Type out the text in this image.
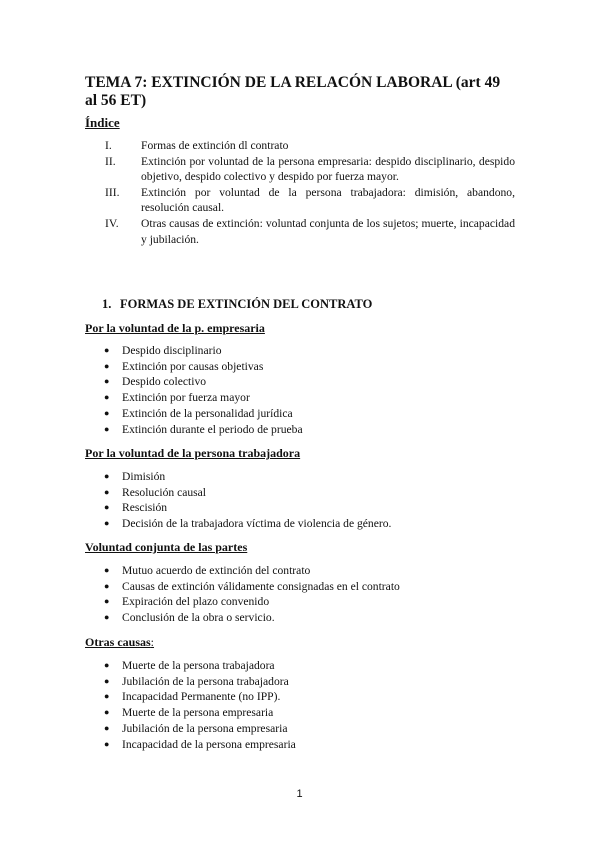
TEMA 7: EXTINCIÓN DE LA RELACÓN LABORAL (art 49 al 56 ET)
Índice
I.	Formas de extinción dl contrato
II.	Extinción por voluntad de la persona empresaria: despido disciplinario, despido objetivo, despido colectivo y despido por fuerza mayor.
III.	Extinción por voluntad de la persona trabajadora: dimisión, abandono, resolución causal.
IV.	Otras causas de extinción: voluntad conjunta de los sujetos; muerte, incapacidad y jubilación.
1. FORMAS DE EXTINCIÓN DEL CONTRATO
Por la voluntad de la p. empresaria
●	Despido disciplinario
●	Extinción por causas objetivas
●	Despido colectivo
●	Extinción por fuerza mayor
●	Extinción de la personalidad jurídica
●	Extinción durante el periodo de prueba
Por la voluntad de la persona trabajadora
●	Dimisión
●	Resolución causal
●	Rescisión
●	Decisión de la trabajadora víctima de violencia de género.
Voluntad conjunta de las partes
●	Mutuo acuerdo de extinción del contrato
●	Causas de extinción válidamente consignadas en el contrato
●	Expiración del plazo convenido
●	Conclusión de la obra o servicio.
Otras causas:
●	Muerte de la persona trabajadora
●	Jubilación de la persona trabajadora
●	Incapacidad Permanente (no IPP).
●	Muerte de la persona empresaria
●	Jubilación de la persona empresaria
●	Incapacidad de la persona empresaria
1
